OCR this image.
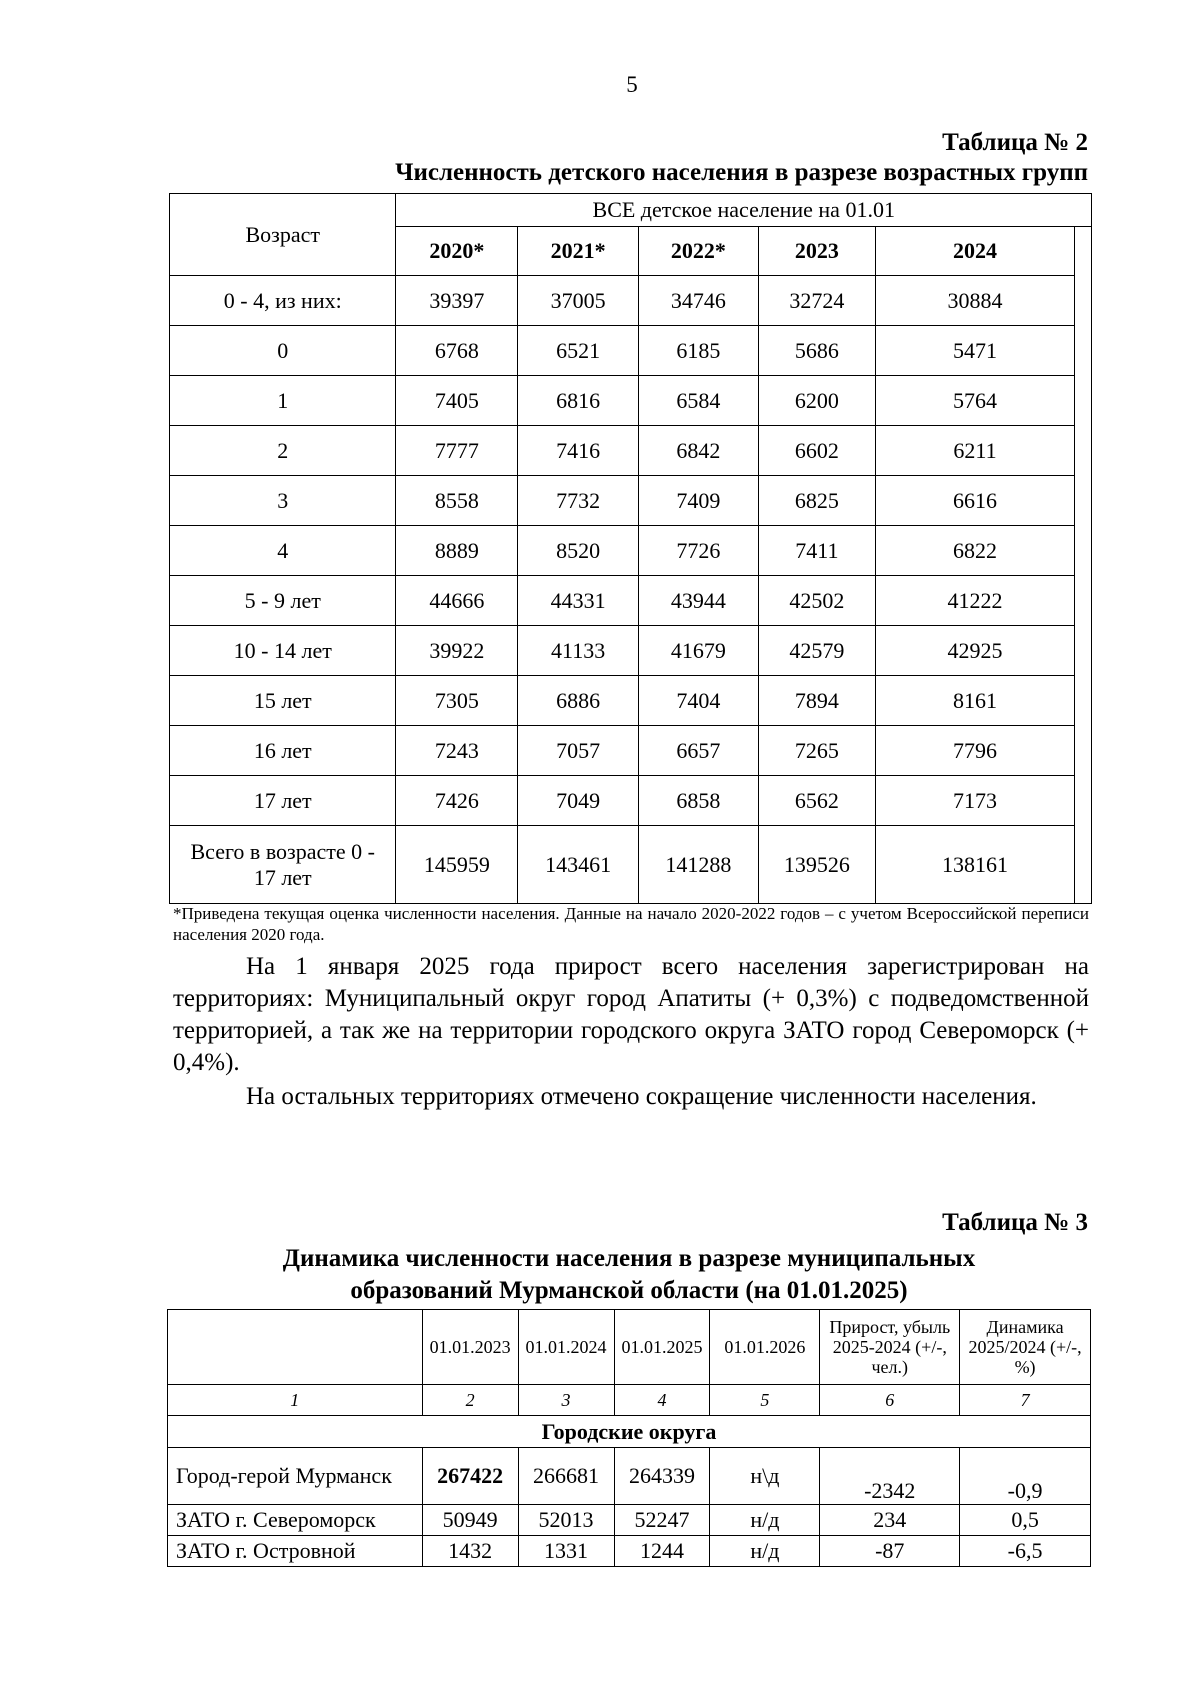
5
Таблица № 2
Численность детского населения в разрезе возрастных групп
Возраст	ВСЕ детское население на 01.01					
	2020*	2021*	2022*	2023	2024	
0 - 4, из них:	39397	37005	34746	32724	30884	
0	6768	6521	6185	5686	5471	
1	7405	6816	6584	6200	5764	
2	7777	7416	6842	6602	6211	
3	8558	7732	7409	6825	6616	
4	8889	8520	7726	7411	6822	
5 - 9 лет	44666	44331	43944	42502	41222	
10 - 14 лет	39922	41133	41679	42579	42925	
15 лет	7305	6886	7404	7894	8161	
16 лет	7243	7057	6657	7265	7796	
17 лет	7426	7049	6858	6562	7173	
Всего в возрасте 0 - 17 лет	145959	143461	141288	139526	138161	
*Приведена текущая оценка численности населения. Данные на начало 2020-2022 годов – с учетом Всероссийской переписи населения 2020 года.
На 1 января 2025 года прирост всего населения зарегистрирован на территориях: Муниципальный округ город Апатиты (+ 0,3%) с подведомственной территорией, а так же на территории городского округа ЗАТО город Североморск (+ 0,4%).
На остальных территориях отмечено сокращение численности населения.
Таблица № 3
Динамика численности населения в разрезе муниципальных
образований Мурманской области (на 01.01.2025)
	01.01.2023	01.01.2024	01.01.2025	01.01.2026	Прирост, убыль 2025-2024 (+/-, чел.)	Динамика 2025/2024 (+/-, %)
1	2	3	4	5	6	7
Городские округа						
Город-герой Мурманск	267422	266681	264339	н\д	-2342	-0,9
ЗАТО г. Североморск	50949	52013	52247	н/д	234	0,5
ЗАТО г. Островной	1432	1331	1244	н/д	-87	-6,5
